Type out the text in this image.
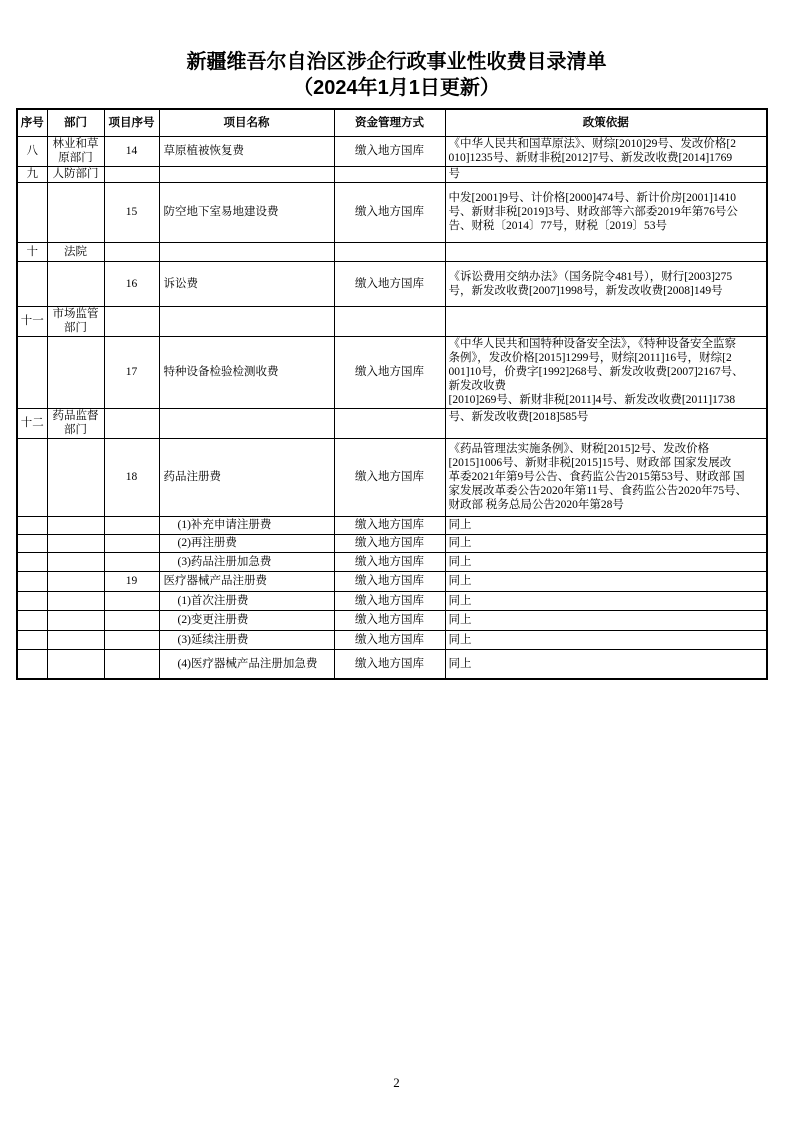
新疆维吾尔自治区涉企行政事业性收费目录清单
（2024年1月1日更新）
序号	部门	项目序号	项目名称	资金管理方式	政策依据
八	林业和草原部门	14	草原植被恢复费	缴入地方国库	《中华人民共和国草原法》、财综[2010]29号、发改价格[2
010]1235号、新财非税[2012]7号、新发改收费[2014]1769
九	人防部门				号
		15	防空地下室易地建设费	缴入地方国库	中发[2001]9号、计价格[2000]474号、新计价房[2001]1410
号、新财非税[2019]3号、财政部等六部委2019年第76号公
告、财税〔2014〕77号，财税〔2019〕53号
十	法院				
		16	诉讼费	缴入地方国库	《诉讼费用交纳办法》（国务院令481号），财行[2003]275
号，新发改收费[2007]1998号，新发改收费[2008]149号
十一	市场监管部门				
		17	特种设备检验检测收费	缴入地方国库	《中华人民共和国特种设备安全法》，《特种设备安全监察
条例》，发改价格[2015]1299号，财综[2011]16号，财综[2
001]10号，价费字[1992]268号、新发改收费[2007]2167号、
新发改收费
[2010]269号、新财非税[2011]4号、新发改收费[2011]1738
十二	药品监督部门				号、新发改收费[2018]585号
		18	药品注册费	缴入地方国库	《药品管理法实施条例》、财税[2015]2号、发改价格
[2015]1006号、新财非税[2015]15号、财政部 国家发展改
革委2021年第9号公告、食药监公告2015第53号、财政部 国
家发展改革委公告2020年第11号、食药监公告2020年75号、
财政部 税务总局公告2020年第28号
			(1)补充申请注册费	缴入地方国库	同上
			(2)再注册费	缴入地方国库	同上
			(3)药品注册加急费	缴入地方国库	同上
		19	医疗器械产品注册费	缴入地方国库	同上
			(1)首次注册费	缴入地方国库	同上
			(2)变更注册费	缴入地方国库	同上
			(3)延续注册费	缴入地方国库	同上
			(4)医疗器械产品注册加急费	缴入地方国库	同上
2
